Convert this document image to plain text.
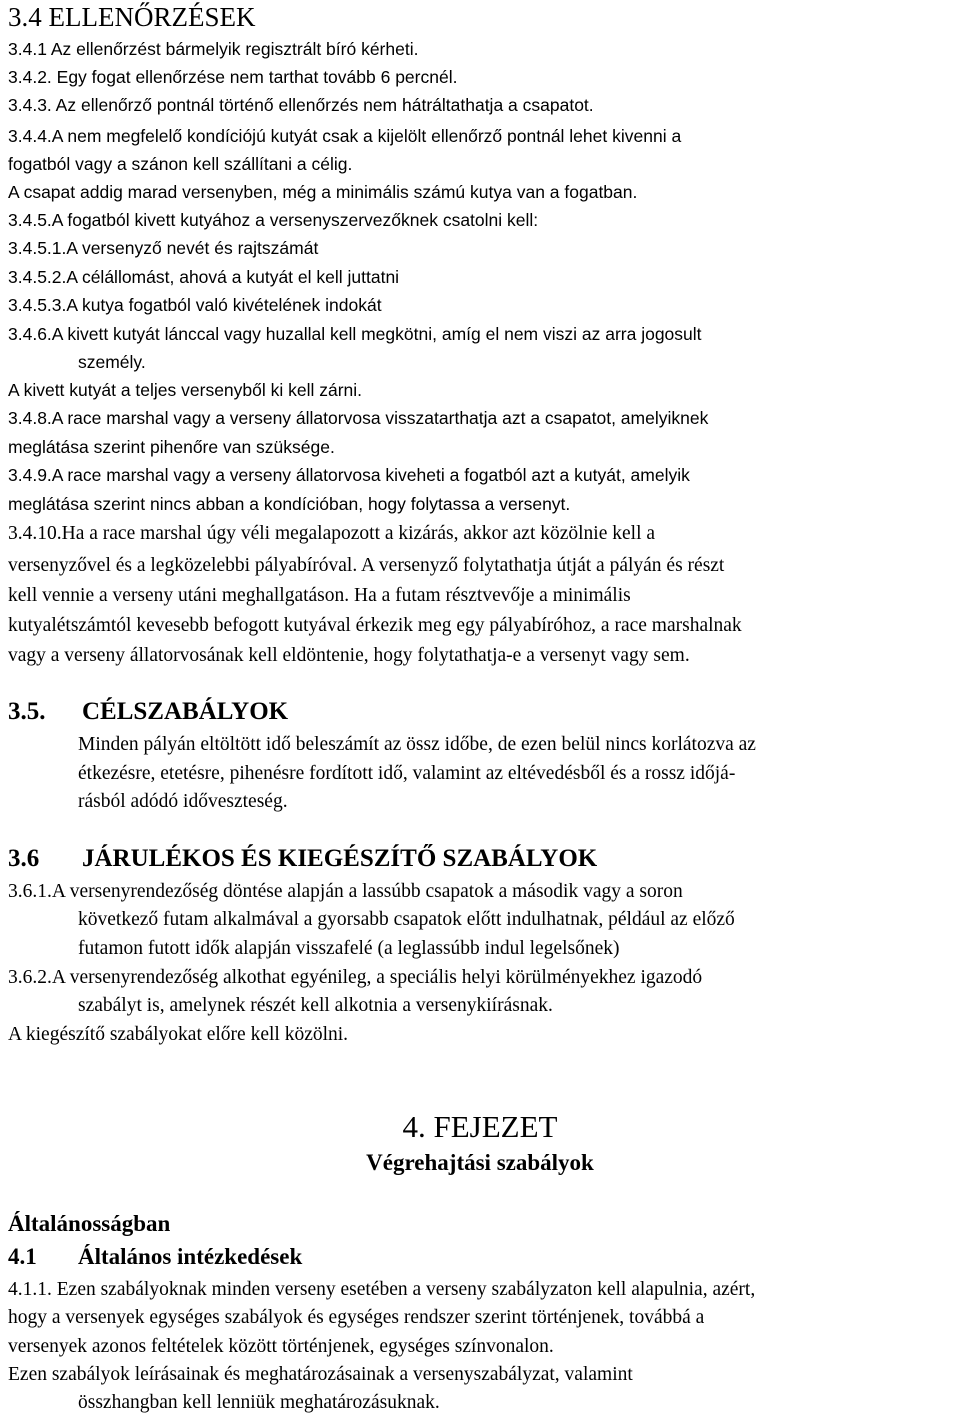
3.4 ELLENŐRZÉSEK
3.4.1 Az ellenőrzést bármelyik regisztrált bíró kérheti.
3.4.2. Egy fogat ellenőrzése nem tarthat tovább 6 percnél.
3.4.3. Az ellenőrző pontnál történő ellenőrzés nem hátráltathatja a csapatot.
3.4.4.A nem megfelelő kondíciójú kutyát csak a kijelölt ellenőrző pontnál lehet kivenni a
fogatból vagy a szánon kell szállítani a célig.
A csapat addig marad versenyben, még a minimális számú kutya van a fogatban.
3.4.5.A fogatból kivett kutyához a versenyszervezőknek csatolni kell:
3.4.5.1.A versenyző nevét és rajtszámát
3.4.5.2.A célállomást, ahová a kutyát el kell juttatni
3.4.5.3.A kutya fogatból való kivételének indokát
3.4.6.A kivett kutyát lánccal vagy huzallal kell megkötni, amíg el nem viszi az arra jogosult
személy.
A kivett kutyát a teljes versenyből ki kell zárni.
3.4.8.A race marshal vagy a verseny állatorvosa visszatarthatja azt a csapatot, amelyiknek
meglátása szerint pihenőre van szüksége.
3.4.9.A race marshal vagy a verseny állatorvosa kiveheti a fogatból azt a kutyát, amelyik
meglátása szerint nincs abban a kondícióban, hogy folytassa a versenyt.
3.4.10.Ha a race marshal úgy véli megalapozott a kizárás, akkor azt közölnie kell a
versenyzővel és a legközelebbi pályabíróval. A versenyző folytathatja útját a pályán és részt
kell vennie a verseny utáni meghallgatáson. Ha a futam résztvevője a minimális
kutyalétszámtól kevesebb befogott kutyával érkezik meg egy pályabíróhoz, a race marshalnak
vagy a verseny állatorvosának kell eldöntenie, hogy folytathatja-e a versenyt vagy sem.
3.5. CÉLSZABÁLYOK
Minden pályán eltöltött idő beleszámít az össz időbe, de ezen belül nincs korlátozva az
étkezésre, etetésre, pihenésre fordított idő, valamint az eltévedésből és a rossz időjá-
rásból adódó időveszteség.
3.6 JÁRULÉKOS ÉS KIEGÉSZÍTŐ SZABÁLYOK
3.6.1.A versenyrendezőség döntése alapján a lassúbb csapatok a második vagy a soron
következő futam alkalmával a gyorsabb csapatok előtt indulhatnak, például az előző
futamon futott idők alapján visszafelé (a leglassúbb indul legelsőnek)
3.6.2.A versenyrendezőség alkothat egyénileg, a speciális helyi körülményekhez igazodó
szabályt is, amelynek részét kell alkotnia a versenykiírásnak.
A kiegészítő szabályokat előre kell közölni.
4. FEJEZET
Végrehajtási szabályok
Általánosságban
4.1 Általános intézkedések
4.1.1. Ezen szabályoknak minden verseny esetében a verseny szabályzaton kell alapulnia, azért,
hogy a versenyek egységes szabályok és egységes rendszer szerint történjenek, továbbá a
versenyek azonos feltételek között történjenek, egységes színvonalon.
Ezen szabályok leírásainak és meghatározásainak a versenyszabályzat, valamint
összhangban kell lenniük meghatározásuknak.
